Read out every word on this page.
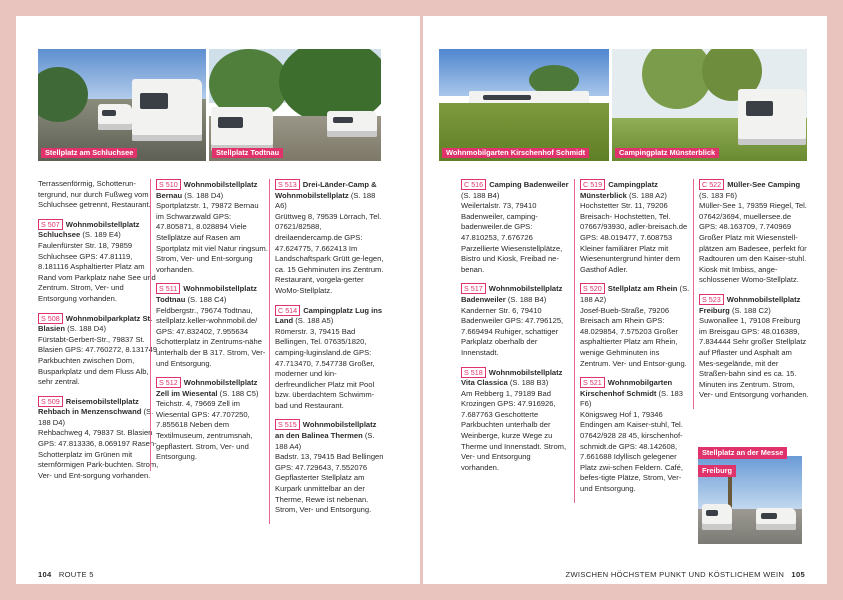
Stellplatz am Schluchsee	Stellplatz Todtnau

Terrassenförmig, Schotterun-tergrund, nur durch Fußweg vom Schluchsee getrennt, Restaurant.

S 507 Wohnmobilstellplatz Schluchsee (S. 189 E4)

Faulenfürster Str. 18, 79859 Schluchsee GPS: 47.81119, 8.181116 Asphaltierter Platz am Rand vom Parkplatz nahe See und Zentrum. Strom, Ver- und Entsorgung vorhanden.

S 508 Wohnmobilparkplatz St. Blasien (S. 188 D4)

Fürstabt-Gerbert-Str., 79837 St. Blasien GPS: 47.760272, 8.131749 Parkbuchten zwischen Dom, Busparkplatz und dem Fluss Alb, sehr zentral.

S 509 Reisemobilstellplatz Rehbach in Menzenschwand (S. 188 D4)

Rehbachweg 4, 79837 St. Blasien GPS: 47.813336, 8.069197 Rasen-Schotterplatz im Grünen mit sternförmigen Park-buchten. Strom, Ver- und Ent-sorgung vorhanden.

S 510 Wohnmobilstellplatz Bernau (S. 188 D4)

Sportplatzstr. 1, 79872 Bernau im Schwarzwald GPS: 47.805871, 8.028894 Viele Stellplätze auf Rasen am Sportplatz mit viel Natur ringsum. Strom, Ver- und Ent-sorgung vorhanden.

S 511 Wohnmobilstellplatz Todtnau (S. 188 C4)

Feldbergstr., 79674 Todtnau, stellplatz.keller-wohnmobil.de/ GPS: 47.832402, 7.955634 Schotterplatz in Zentrums-nähe unterhalb der B 317. Strom, Ver- und Entsorgung.

S 512 Wohnmobilstellplatz Zell im Wiesental (S. 188 C5)

Teichstr. 4, 79669 Zell im Wiesental GPS: 47.707250, 7.855618 Neben dem Textilmuseum, zentrumsnah, gepflastert. Strom, Ver- und Entsorgung.

S 513 Drei-Länder-Camp & Wohnmobilstellplatz (S. 188 A6)

Grüttweg 8, 79539 Lörrach, Tel. 07621/82588, dreilaendercamp.de GPS: 47.624775, 7.662413 Im Landschaftspark Grütt ge-legen, ca. 15 Gehminuten ins Zentrum. Restaurant, vorgela-gerter WoMo-Stellplatz.

C 514 Campingplatz Lug ins Land (S. 188 A5)

Römerstr. 3, 79415 Bad Bellingen, Tel. 07635/1820, camping-luginsland.de GPS: 47.713470, 7.547738 Großer, moderner und kin-derfreundlicher Platz mit Pool bzw. überdachtem Schwimm-bad und Restaurant.

S 515 Wohnmobilstellplatz an den Balinea Thermen (S. 188 A4)

Badstr. 13, 79415 Bad Bellingen GPS: 47.729643, 7.552076 Gepflasterter Stellplatz am Kurpark unmittelbar an der Therme, Rewe ist nebenan. Strom, Ver- und Entsorgung.

104 ROUTE 5
Wohnmobilgarten Kirschenhof Schmidt	Campingplatz Münsterblick

C 516 Camping Badenweiler (S. 188 B4)

Weilertalstr. 73, 79410 Badenweiler, camping-badenweiler.de GPS: 47.810253, 7.676726 Parzellierte Wiesenstellplätze, Bistro und Kiosk, Freibad ne-benan.

S 517 Wohnmobilstellplatz Badenweiler (S. 188 B4)

Kanderner Str. 6, 79410 Badenweiler GPS: 47.796125, 7.669494 Ruhiger, schattiger Parkplatz oberhalb der Innenstadt.

S 518 Wohnmobilstellplatz Vita Classica (S. 188 B3)

Am Rebberg 1, 79189 Bad Krozingen GPS: 47.916926, 7.687763 Geschotterte Parkbuchten unterhalb der Weinberge, kurze Wege zu Therme und Innenstadt. Strom, Ver- und Entsorgung vorhanden.

C 519 Campingplatz Münsterblick (S. 188 A2)

Hochstetter Str. 11, 79206 Breisach- Hochstetten, Tel. 07667/93930, adler-breisach.de GPS: 48.019477, 7.608753 Kleiner familiärer Platz mit Wiesenuntergrund hinter dem Gasthof Adler.

S 520 Stellplatz am Rhein (S. 188 A2)

Josef-Bueb-Straße, 79206 Breisach am Rhein GPS: 48.029854, 7.575203 Großer asphaltierter Platz am Rhein, wenige Gehminuten ins Zentrum. Ver- und Entsor-gung.

S 521 Wohnmobilgarten Kirschenhof Schmidt (S. 183 F6)

Königsweg Hof 1, 79346 Endingen am Kaiser-stuhl, Tel. 07642/928 28 45, kirschenhof-schmidt.de GPS: 48.142608, 7.661688 Idyllisch gelegener Platz zwi-schen Feldern. Café, befes-tigte Plätze, Strom, Ver- und Entsorgung.

C 522 Müller-See Camping (S. 183 F6)

Müller-See 1, 79359 Riegel, Tel. 07642/3694, muellersee.de GPS: 48.163709, 7.740969 Großer Platz mit Wiesenstell-plätzen am Badesee, perfekt für Radtouren um den Kaiser-stuhl. Kiosk mit Imbiss, ange-schlossener Womo-Stellplatz.

S 523 Wohnmobilstellplatz Freiburg (S. 188 C2)

Suwonallee 1, 79108 Freiburg im Breisgau GPS: 48.016389, 7.834444 Sehr großer Stellplatz auf Pflaster und Asphalt am Mes-segelände, mit der Straßen-bahn sind es ca. 15. Minuten ins Zentrum. Strom, Ver- und Entsorgung vorhanden.

Stellplatz an der Messe
Freiburg
ZWISCHEN HÖCHSTEM PUNKT UND KÖSTLICHEM WEIN 105
